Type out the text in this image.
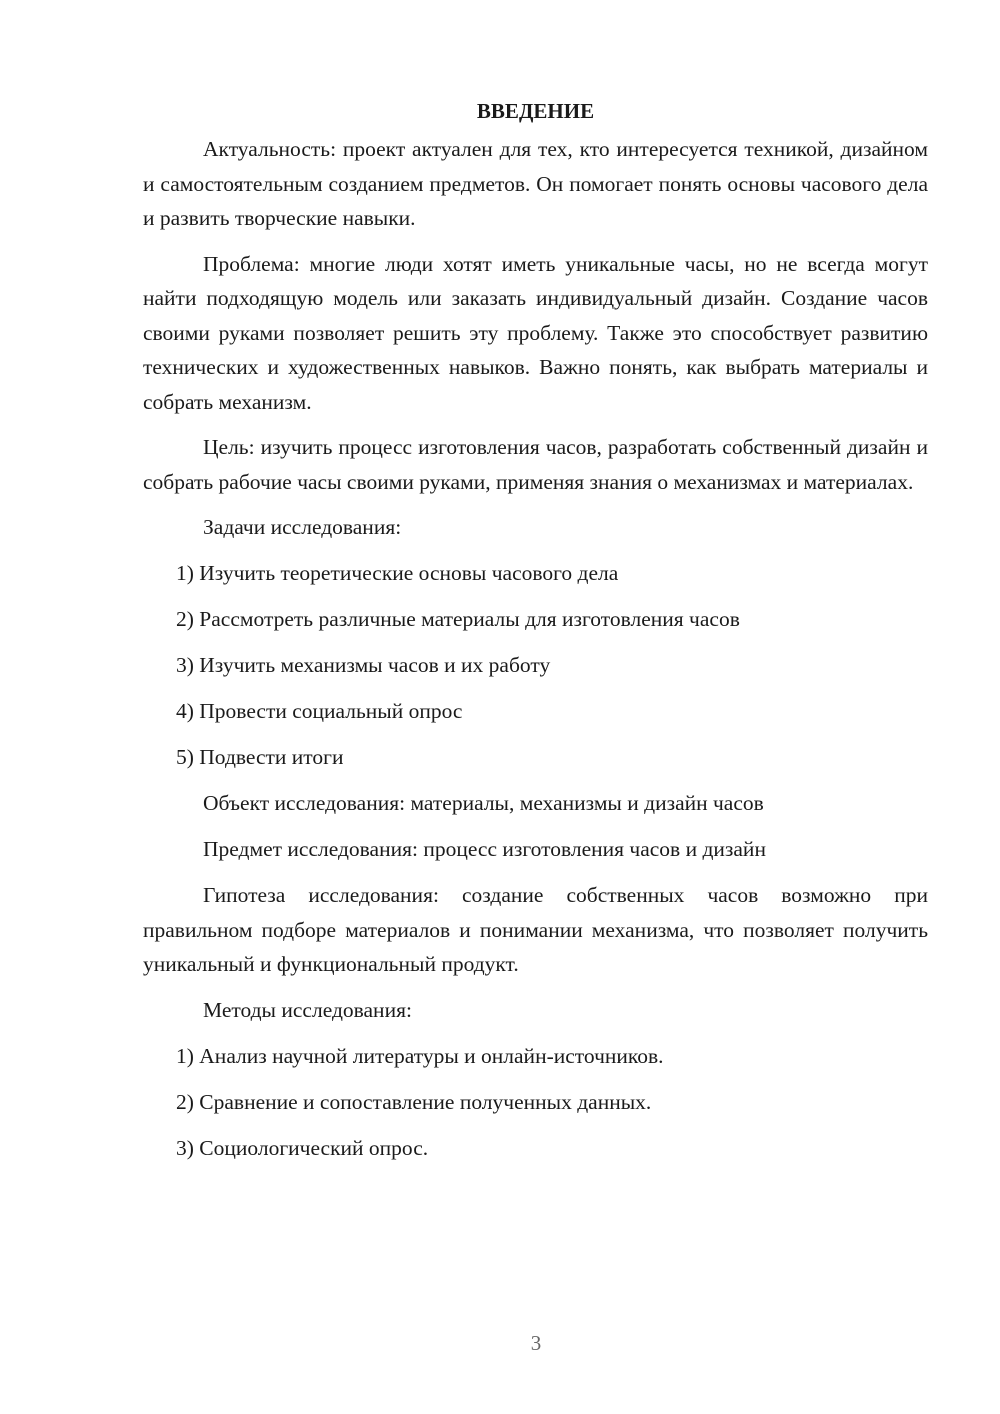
ВВЕДЕНИЕ

Актуальность: проект актуален для тех, кто интересуется техникой, дизайном и самостоятельным созданием предметов. Он помогает понять основы часового дела и развить творческие навыки.

Проблема: многие люди хотят иметь уникальные часы, но не всегда могут найти подходящую модель или заказать индивидуальный дизайн. Создание часов своими руками позволяет решить эту проблему. Также это способствует развитию технических и художественных навыков. Важно понять, как выбрать материалы и собрать механизм.

Цель: изучить процесс изготовления часов, разработать собственный дизайн и собрать рабочие часы своими руками, применяя знания о механизмах и материалах.

Задачи исследования:
1) Изучить теоретические основы часового дела
2) Рассмотреть различные материалы для изготовления часов
3) Изучить механизмы часов и их работу
4) Провести социальный опрос
5) Подвести итоги
Объект исследования: материалы, механизмы и дизайн часов
Предмет исследования: процесс изготовления часов и дизайн

Гипотеза исследования: создание собственных часов возможно при правильном подборе материалов и понимании механизма, что позволяет получить уникальный и функциональный продукт.

Методы исследования:
1) Анализ научной литературы и онлайн-источников.
2) Сравнение и сопоставление полученных данных.
3) Социологический опрос.
3
